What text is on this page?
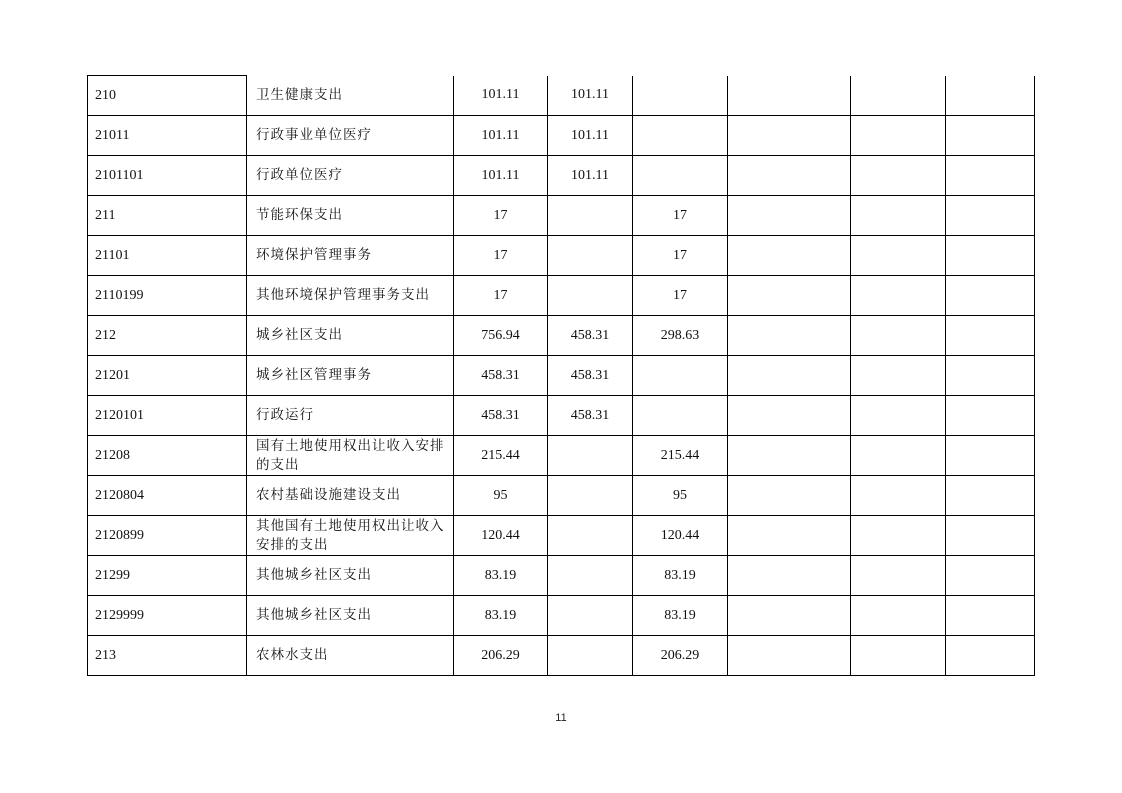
210	卫生健康支出	101.11	101.11				
21011	行政事业单位医疗	101.11	101.11				
2101101	行政单位医疗	101.11	101.11				
211	节能环保支出	17		17			
21101	环境保护管理事务	17		17			
2110199	其他环境保护管理事务支出	17		17			
212	城乡社区支出	756.94	458.31	298.63			
21201	城乡社区管理事务	458.31	458.31				
2120101	行政运行	458.31	458.31				
21208	国有土地使用权出让收入安排的支出	215.44		215.44			
2120804	农村基础设施建设支出	95		95			
2120899	其他国有土地使用权出让收入安排的支出	120.44		120.44			
21299	其他城乡社区支出	83.19		83.19			
2129999	其他城乡社区支出	83.19		83.19			
213	农林水支出	206.29		206.29			
11
